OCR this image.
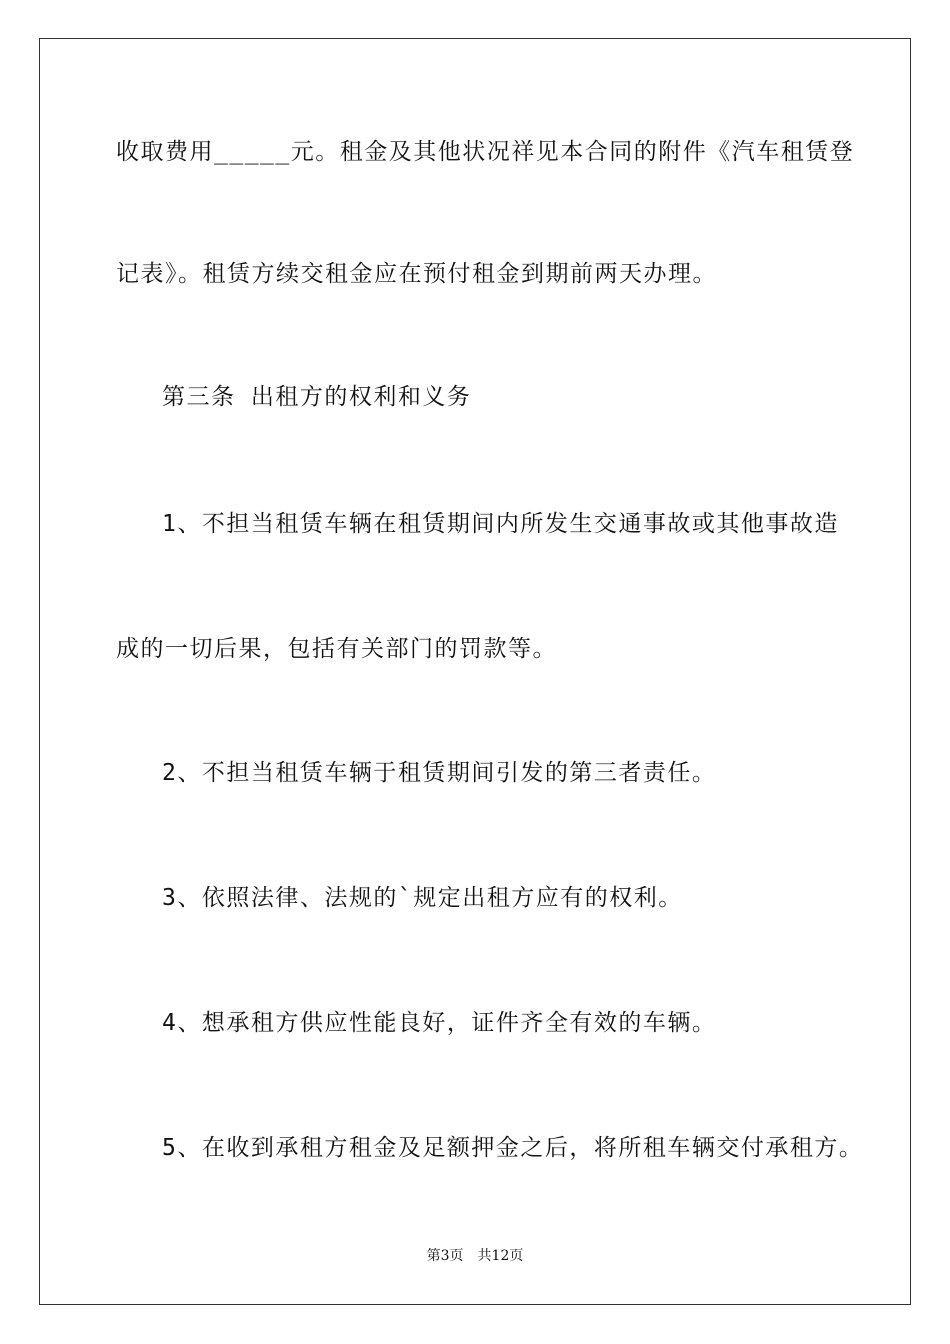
收取费用_____元。租金及其他状况祥见本合同的附件《汽车租赁登

记表》。租赁方续交租金应在预付租金到期前两天办理。

第三条 出租方的权利和义务

1、不担当租赁车辆在租赁期间内所发生交通事故或其他事故造

成的一切后果，包括有关部门的罚款等。

2、不担当租赁车辆于租赁期间引发的第三者责任。

3、依照法律、法规的`规定出租方应有的权利。

4、想承租方供应性能良好，证件齐全有效的车辆。

5、在收到承租方租金及足额押金之后，将所租车辆交付承租方。

第3页 共12页
